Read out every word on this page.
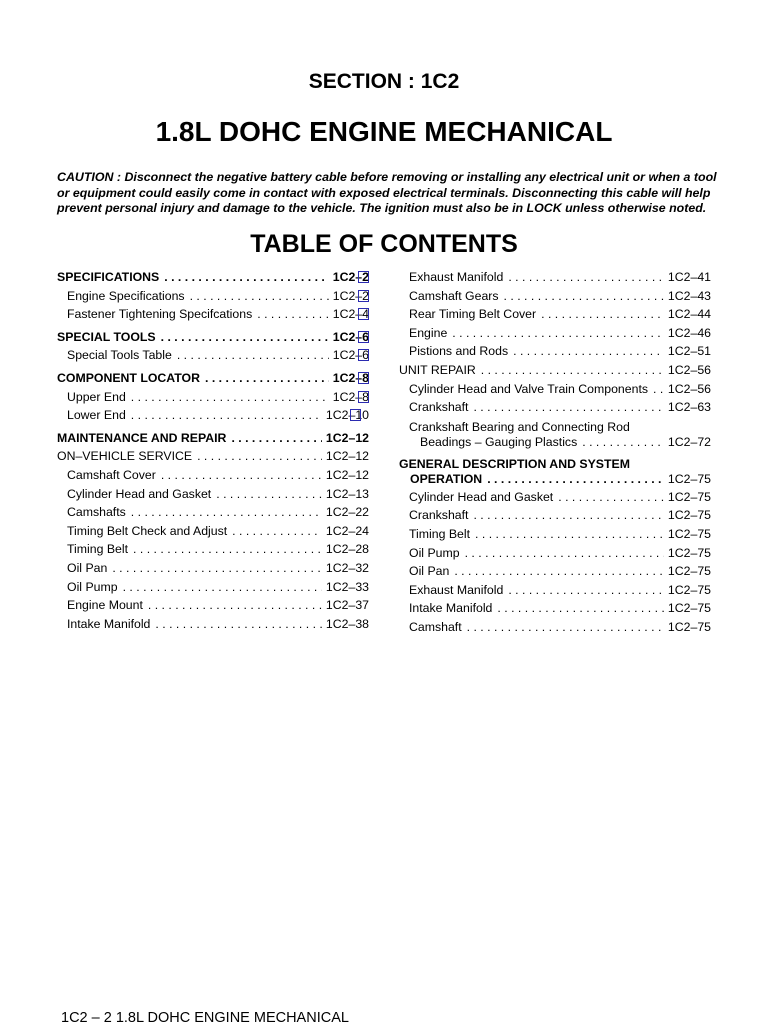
SECTION : 1C2
1.8L DOHC ENGINE MECHANICAL
CAUTION : Disconnect the negative battery cable before removing or installing any electrical unit or when a tool or equipment could easily come in contact with exposed electrical terminals. Disconnecting this cable will help prevent personal injury and damage to the vehicle. The ignition must also be in LOCK unless otherwise noted.
TABLE OF CONTENTS
SPECIFICATIONS . . .	1C2–2
Engine Specifications . . .	1C2–2
Fastener Tightening Specifcations . . .	1C2–4
SPECIAL TOOLS . . .	1C2–6
Special Tools Table . . .	1C2–6
COMPONENT LOCATOR . . .	1C2–8
Upper End . . .	1C2–8
Lower End . . .	1C2–10
MAINTENANCE AND REPAIR . . .	1C2–12
ON–VEHICLE SERVICE . . .	1C2–12
Camshaft Cover . . .	1C2–12
Cylinder Head and Gasket . . .	1C2–13
Camshafts . . .	1C2–22
Timing Belt Check and Adjust . . .	1C2–24
Timing Belt . . .	1C2–28
Oil Pan . . .	1C2–32
Oil Pump . . .	1C2–33
Engine Mount . . .	1C2–37
Intake Manifold . . .	1C2–38
Exhaust Manifold . . .	1C2–41
Camshaft Gears . . .	1C2–43
Rear Timing Belt Cover . . .	1C2–44
Engine . . .	1C2–46
Pistions and Rods . . .	1C2–51
UNIT REPAIR . . .	1C2–56
Cylinder Head and Valve Train Components . . . 1C2–56
Crankshaft . . .	1C2–63
Crankshaft Bearing and Connecting Rod
Beadings – Gauging Plastics . . .	1C2–72
GENERAL DESCRIPTION AND SYSTEM
OPERATION . . .	1C2–75
Cylinder Head and Gasket . . .	1C2–75
Crankshaft . . .	1C2–75
Timing Belt . . .	1C2–75
Oil Pump . . .	1C2–75
Oil Pan . . .	1C2–75
Exhaust Manifold . . .	1C2–75
Intake Manifold . . .	1C2–75
Camshaft . . .	1C2–75
1C2 – 2 1.8L DOHC ENGINE MECHANICAL
